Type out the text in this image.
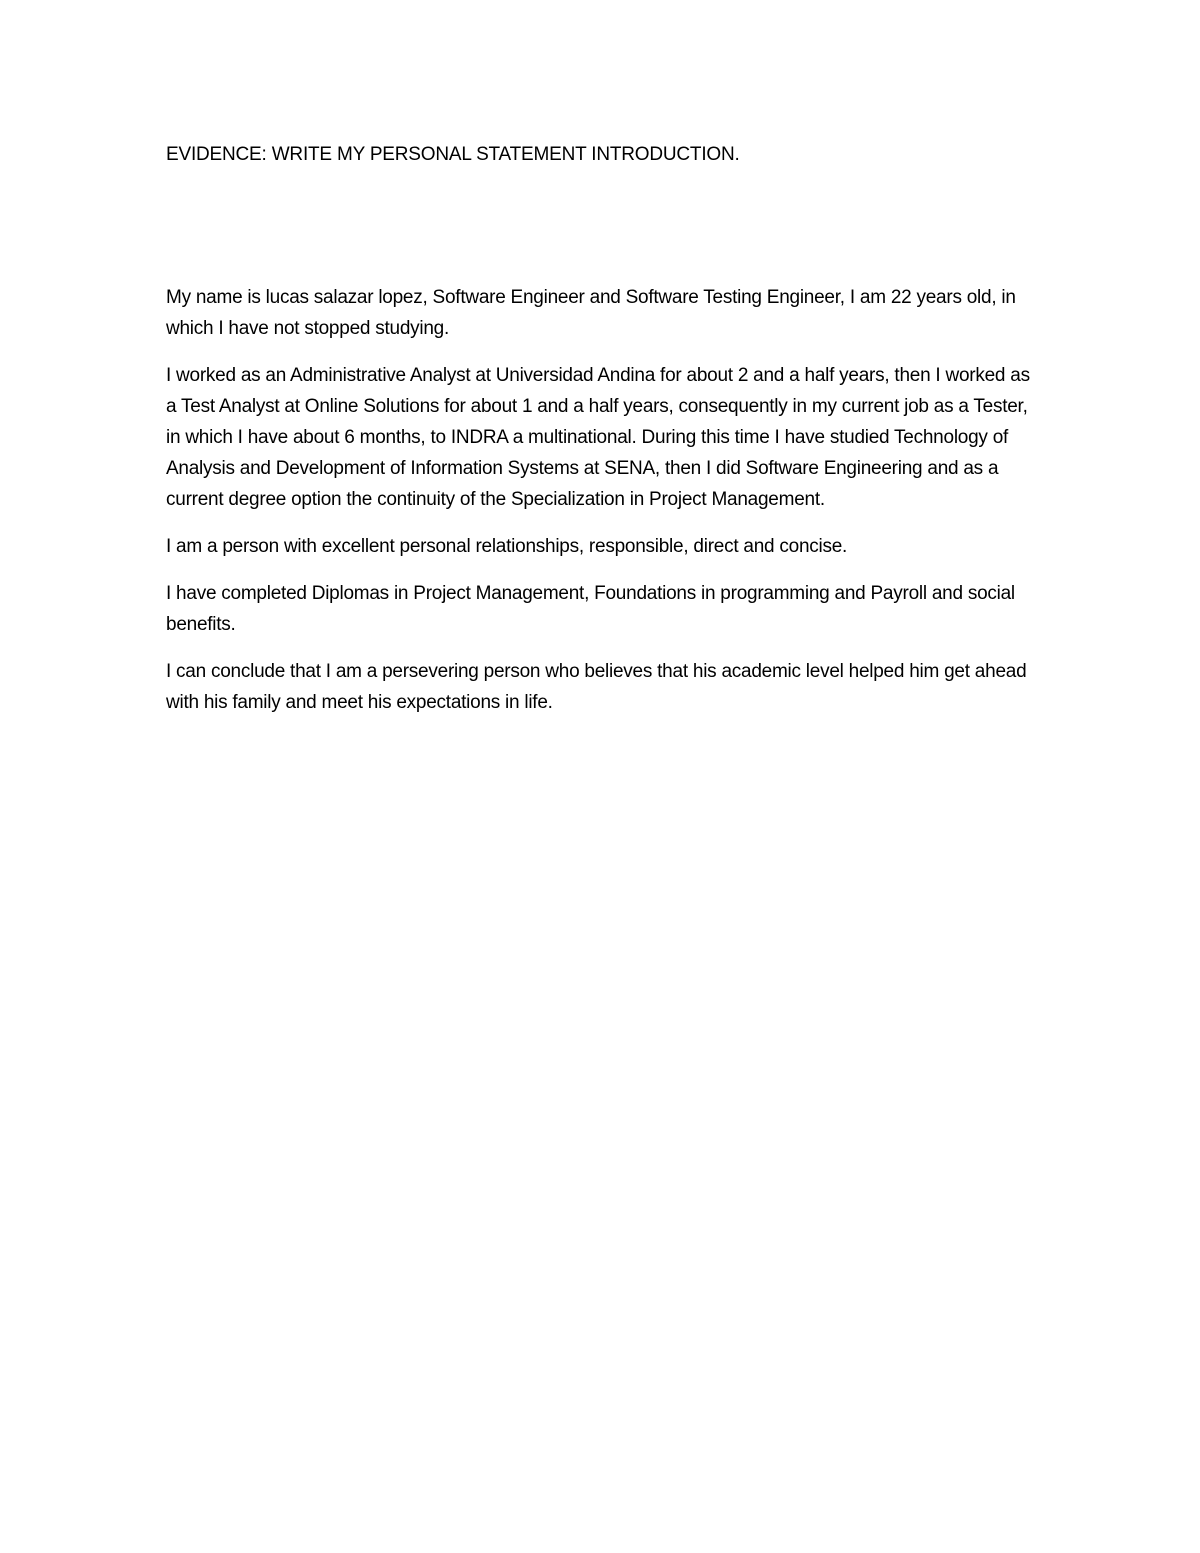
EVIDENCE: WRITE MY PERSONAL STATEMENT INTRODUCTION.

My name is lucas salazar lopez, Software Engineer and Software Testing Engineer, I am 22 years old, in which I have not stopped studying.

I worked as an Administrative Analyst at Universidad Andina for about 2 and a half years, then I worked as a Test Analyst at Online Solutions for about 1 and a half years, consequently in my current job as a Tester, in which I have about 6 months, to INDRA a multinational. During this time I have studied Technology of Analysis and Development of Information Systems at SENA, then I did Software Engineering and as a current degree option the continuity of the Specialization in Project Management.

I am a person with excellent personal relationships, responsible, direct and concise.

I have completed Diplomas in Project Management, Foundations in programming and Payroll and social benefits.

I can conclude that I am a persevering person who believes that his academic level helped him get ahead with his family and meet his expectations in life.
